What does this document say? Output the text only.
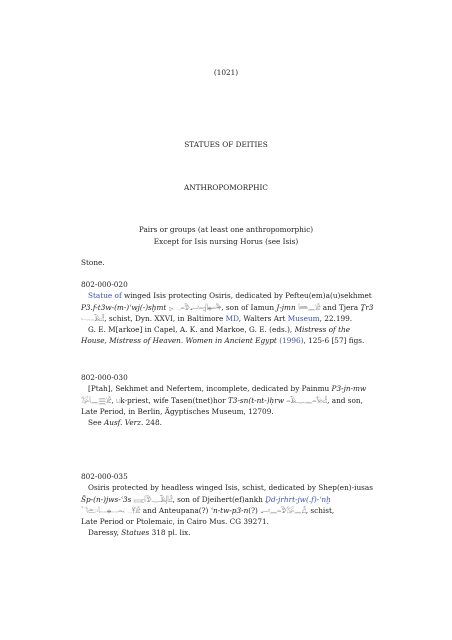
(1021)
STATUES OF DEITIES
ANTHROPOMORPHIC
Pairs or groups (at least one anthropomorphic)
Except for Isis nursing Horus (see Isis)
Stone.

802-000-020

Statue of winged Isis protecting Osiris, dedicated by Pefteu(em)a(u)sekhmet P3.f-t3w-(m-)ʿwj(-)sḫmt 𓊪𓆑𓏏𓅱𓂝𓏏𓊪𓋴𓐍𓏏𓅆, son of Iamun J-jmn 𓇋𓏠𓈖𓀀 and Tjera Ṯr3 𓍿𓂋𓄿𓁐, schist, Dyn. XXVI, in Baltimore MD, Walters Art Museum, 22.199.

G. E. M[arkoe] in Capel, A. K. and Markoe, G. E. (eds.), Mistress of the House, Mistress of Heaven. Women in Ancient Egypt (1996), 125-6 [57] figs.

802-000-030

[Ptah], Sekhmet and Nefertem, incomplete, dedicated by Painmu P3-jn-mw 𓅮𓇋𓈖𓈗𓀀, 𓂓k-priest, wife Tasen(tnet)hor T3-sn(t-nt-)ḥrw 𓏏𓄿𓊃𓈖𓏏𓅃𓁐, and son,

Late Period, in Berlin, Ägyptisches Museum, 12709.

See Ausf. Verz. 248.

802-000-035

Osiris protected by headless winged Isis, schist, dedicated by Shep(en)-iusas Šp-(n-)jws-ʿ3s 𓈙𓊪𓇋𓅱𓊃𓄿𓋴𓁐, son of Djeihert(ef)ankh Ḏd-jrhrt-jw(.f)-ʿnḫ 𓆓𓂧𓇋𓂋𓐍𓂋𓏏𓆑𓋹𓀀 and Anteupana(?) ʿn-tw-p3-n(?) 𓂝𓈖𓏏𓅱𓅮𓈖𓁐, schist,

Late Period or Ptolemaic, in Cairo Mus. CG 39271.

Daressy, Statues 318 pl. lix.
